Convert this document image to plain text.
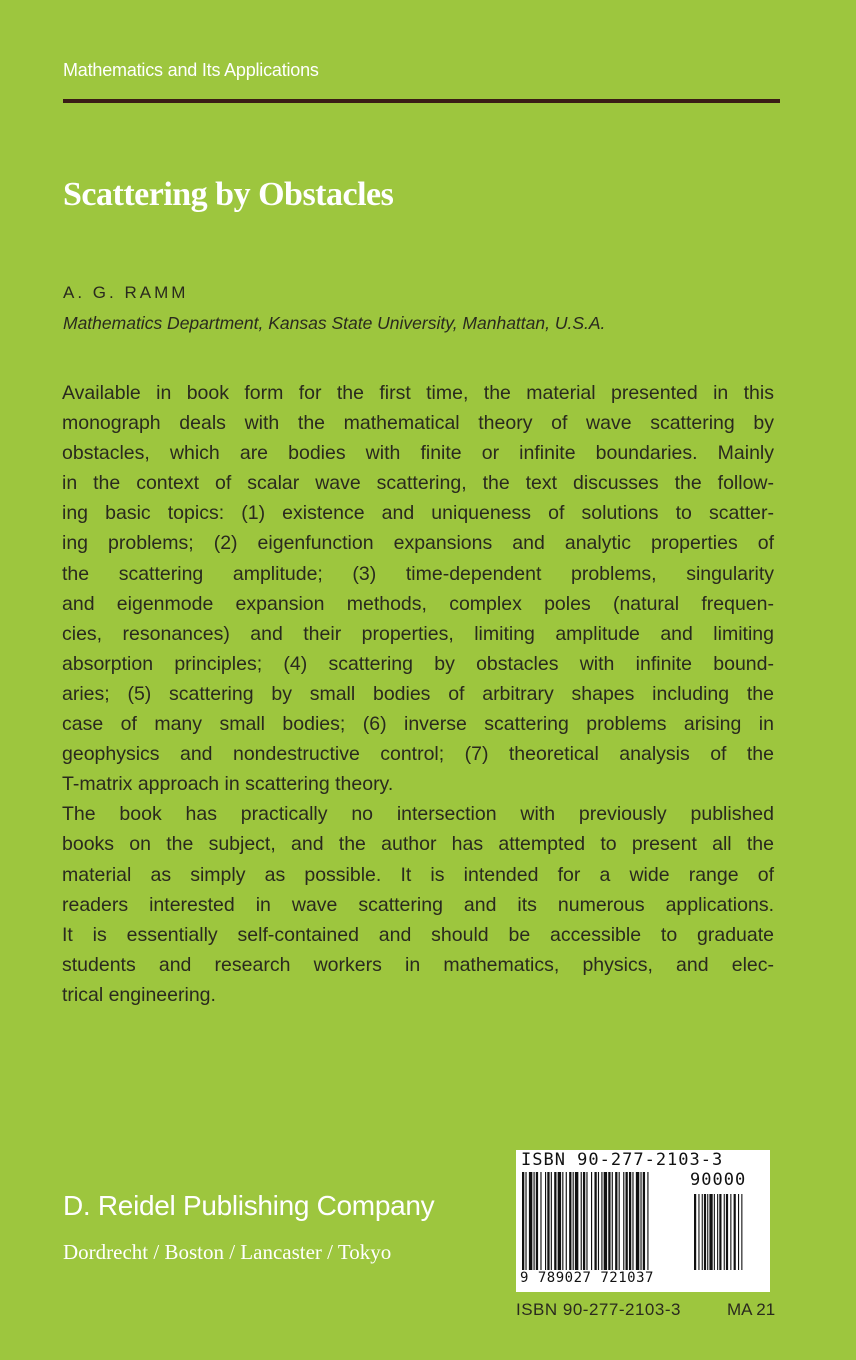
Mathematics and Its Applications
Scattering by Obstacles
A. G. RAMM
Mathematics Department, Kansas State University, Manhattan, U.S.A.
Available in book form for the first time, the material presented in this
monograph deals with the mathematical theory of wave scattering by
obstacles, which are bodies with finite or infinite boundaries. Mainly
in the context of scalar wave scattering, the text discusses the follow-
ing basic topics: (1) existence and uniqueness of solutions to scatter-
ing problems; (2) eigenfunction expansions and analytic properties of
the scattering amplitude; (3) time-dependent problems, singularity
and eigenmode expansion methods, complex poles (natural frequen-
cies, resonances) and their properties, limiting amplitude and limiting
absorption principles; (4) scattering by obstacles with infinite bound-
aries; (5) scattering by small bodies of arbitrary shapes including the
case of many small bodies; (6) inverse scattering problems arising in
geophysics and nondestructive control; (7) theoretical analysis of the
T-matrix approach in scattering theory.
The book has practically no intersection with previously published
books on the subject, and the author has attempted to present all the
material as simply as possible. It is intended for a wide range of
readers interested in wave scattering and its numerous applications.
It is essentially self-contained and should be accessible to graduate
students and research workers in mathematics, physics, and elec-
trical engineering.
D. Reidel Publishing Company
Dordrecht / Boston / Lancaster / Tokyo
ISBN 90-277-2103-3
90000
9 789027 721037
ISBN 90-277-2103-3	MA 21
